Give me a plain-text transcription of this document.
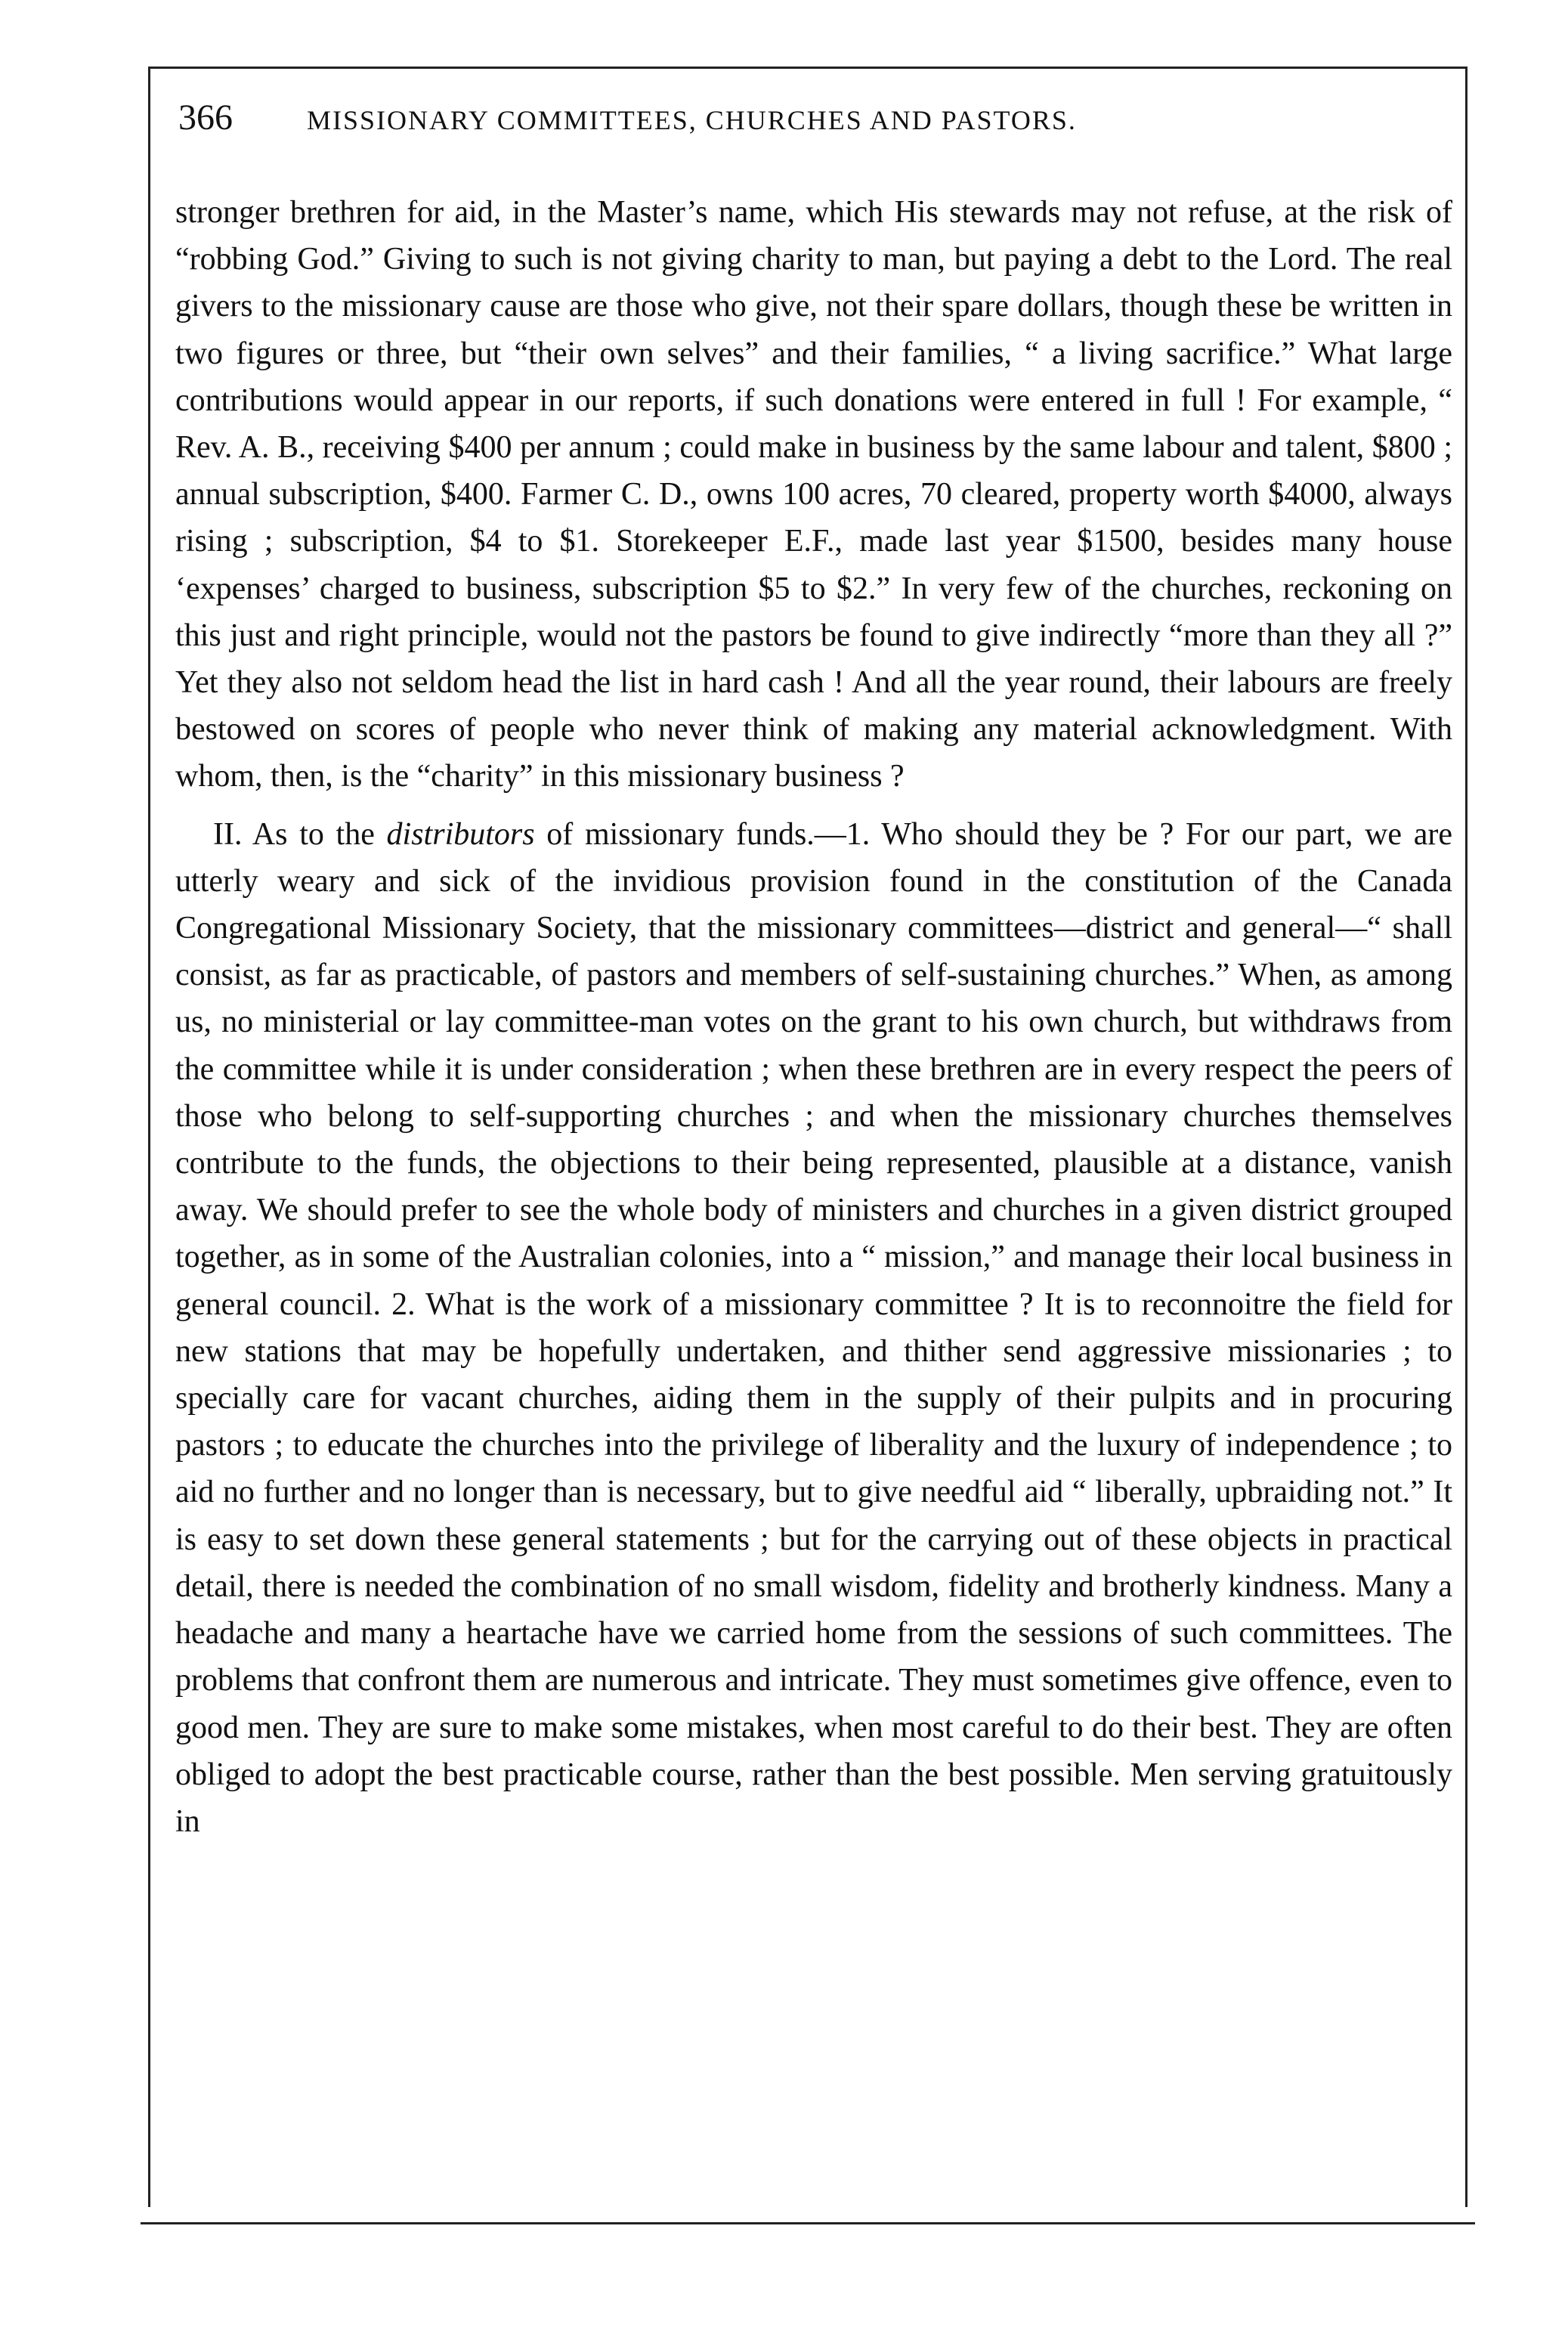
366	MISSIONARY COMMITTEES, CHURCHES AND PASTORS.

stronger brethren for aid, in the Master’s name, which His stewards may not refuse, at the risk of “robbing God.” Giving to such is not giving charity to man, but paying a debt to the Lord. The real givers to the missionary cause are those who give, not their spare dollars, though these be written in two figures or three, but “their own selves” and their families, “ a living sacrifice.” What large contributions would appear in our reports, if such donations were entered in full ! For example, “ Rev. A. B., receiving $400 per annum ; could make in business by the same labour and talent, $800 ; annual subscription, $400. Farmer C. D., owns 100 acres, 70 cleared, property worth $4000, always rising ; subscription, $4 to $1. Storekeeper E.F., made last year $1500, besides many house ‘expenses’ charged to business, subscription $5 to $2.” In very few of the churches, reckoning on this just and right principle, would not the pastors be found to give indirectly “more than they all ?” Yet they also not seldom head the list in hard cash ! And all the year round, their labours are freely bestowed on scores of people who never think of making any material acknowledgment. With whom, then, is the “charity” in this missionary business ?

II. As to the distributors of missionary funds.—1. Who should they be ? For our part, we are utterly weary and sick of the invidious provision found in the constitution of the Canada Congregational Missionary Society, that the missionary committees—district and general—“ shall consist, as far as practicable, of pastors and members of self-sustaining churches.” When, as among us, no ministerial or lay committee-man votes on the grant to his own church, but withdraws from the committee while it is under consideration ; when these brethren are in every respect the peers of those who belong to self-supporting churches ; and when the missionary churches themselves contribute to the funds, the objections to their being represented, plausible at a distance, vanish away. We should prefer to see the whole body of ministers and churches in a given district grouped together, as in some of the Australian colonies, into a “ mission,” and manage their local business in general council. 2. What is the work of a missionary committee ? It is to reconnoitre the field for new stations that may be hopefully undertaken, and thither send aggressive missionaries ; to specially care for vacant churches, aiding them in the supply of their pulpits and in procuring pastors ; to educate the churches into the privilege of liberality and the luxury of independence ; to aid no further and no longer than is necessary, but to give needful aid “ liberally, upbraiding not.” It is easy to set down these general statements ; but for the carrying out of these objects in practical detail, there is needed the combination of no small wisdom, fidelity and brotherly kindness. Many a headache and many a heartache have we carried home from the sessions of such committees. The problems that confront them are numerous and intricate. They must sometimes give offence, even to good men. They are sure to make some mistakes, when most careful to do their best. They are often obliged to adopt the best practicable course, rather than the best possible. Men serving gratuitously in
